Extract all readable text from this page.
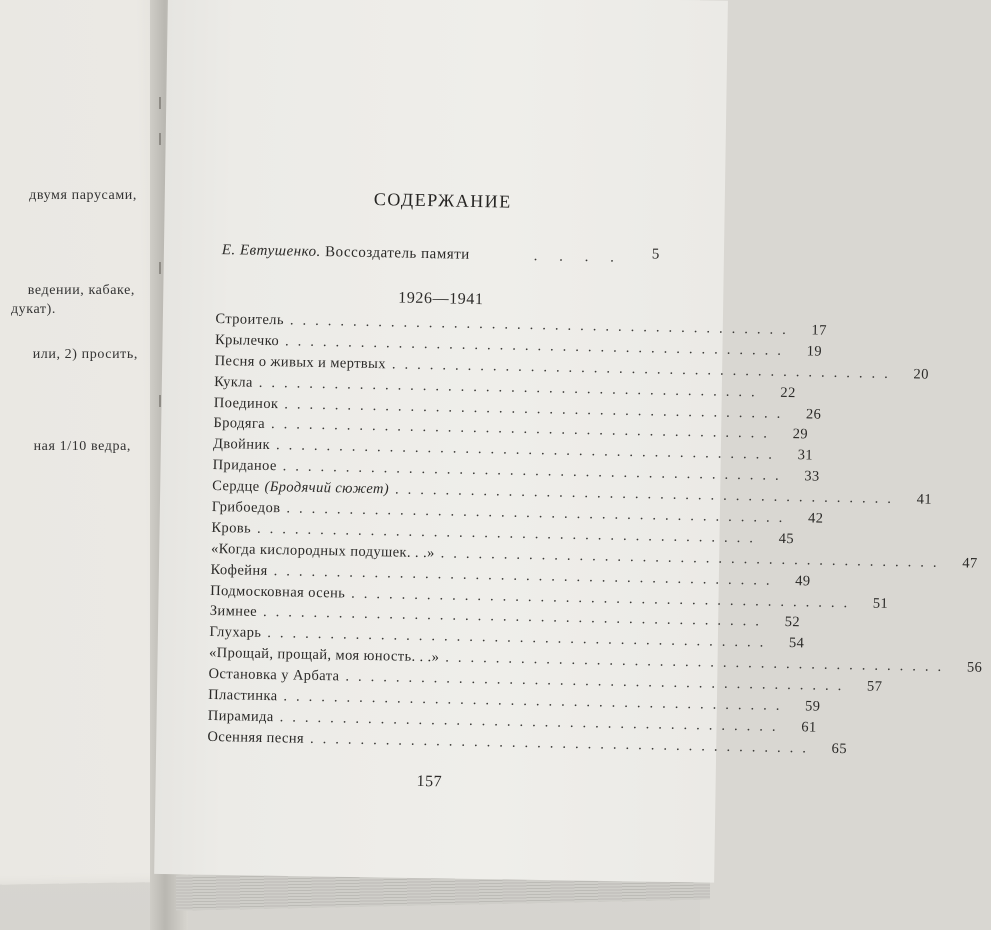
двумя парусами,
ведении, кабаке,
дукат).
или, 2) просить,
ная 1/10 ведра,
СОДЕРЖАНИЕ
Е. Евтушенко. Воссоздатель памяти	. . . . 5
1926—1941
Строитель ........................................	17
Крылечко ........................................	19
Песня о живых и мертвых ........................................	20
Кукла ........................................	22
Поединок ........................................	26
Бродяга ........................................	29
Двойник ........................................	31
Приданое ........................................	33
Сердце (Бродячий сюжет) ........................................	41
Грибоедов ........................................	42
Кровь ........................................	45
«Когда кислородных подушек. . .» ........................................	47
Кофейня ........................................	49
Подмосковная осень ........................................	51
Зимнее ........................................	52
Глухарь ........................................	54
«Прощай, прощай, моя юность. . .» ........................................	56
Остановка у Арбата ........................................	57
Пластинка ........................................	59
Пирамида ........................................	61
Осенняя песня ........................................	65
157
